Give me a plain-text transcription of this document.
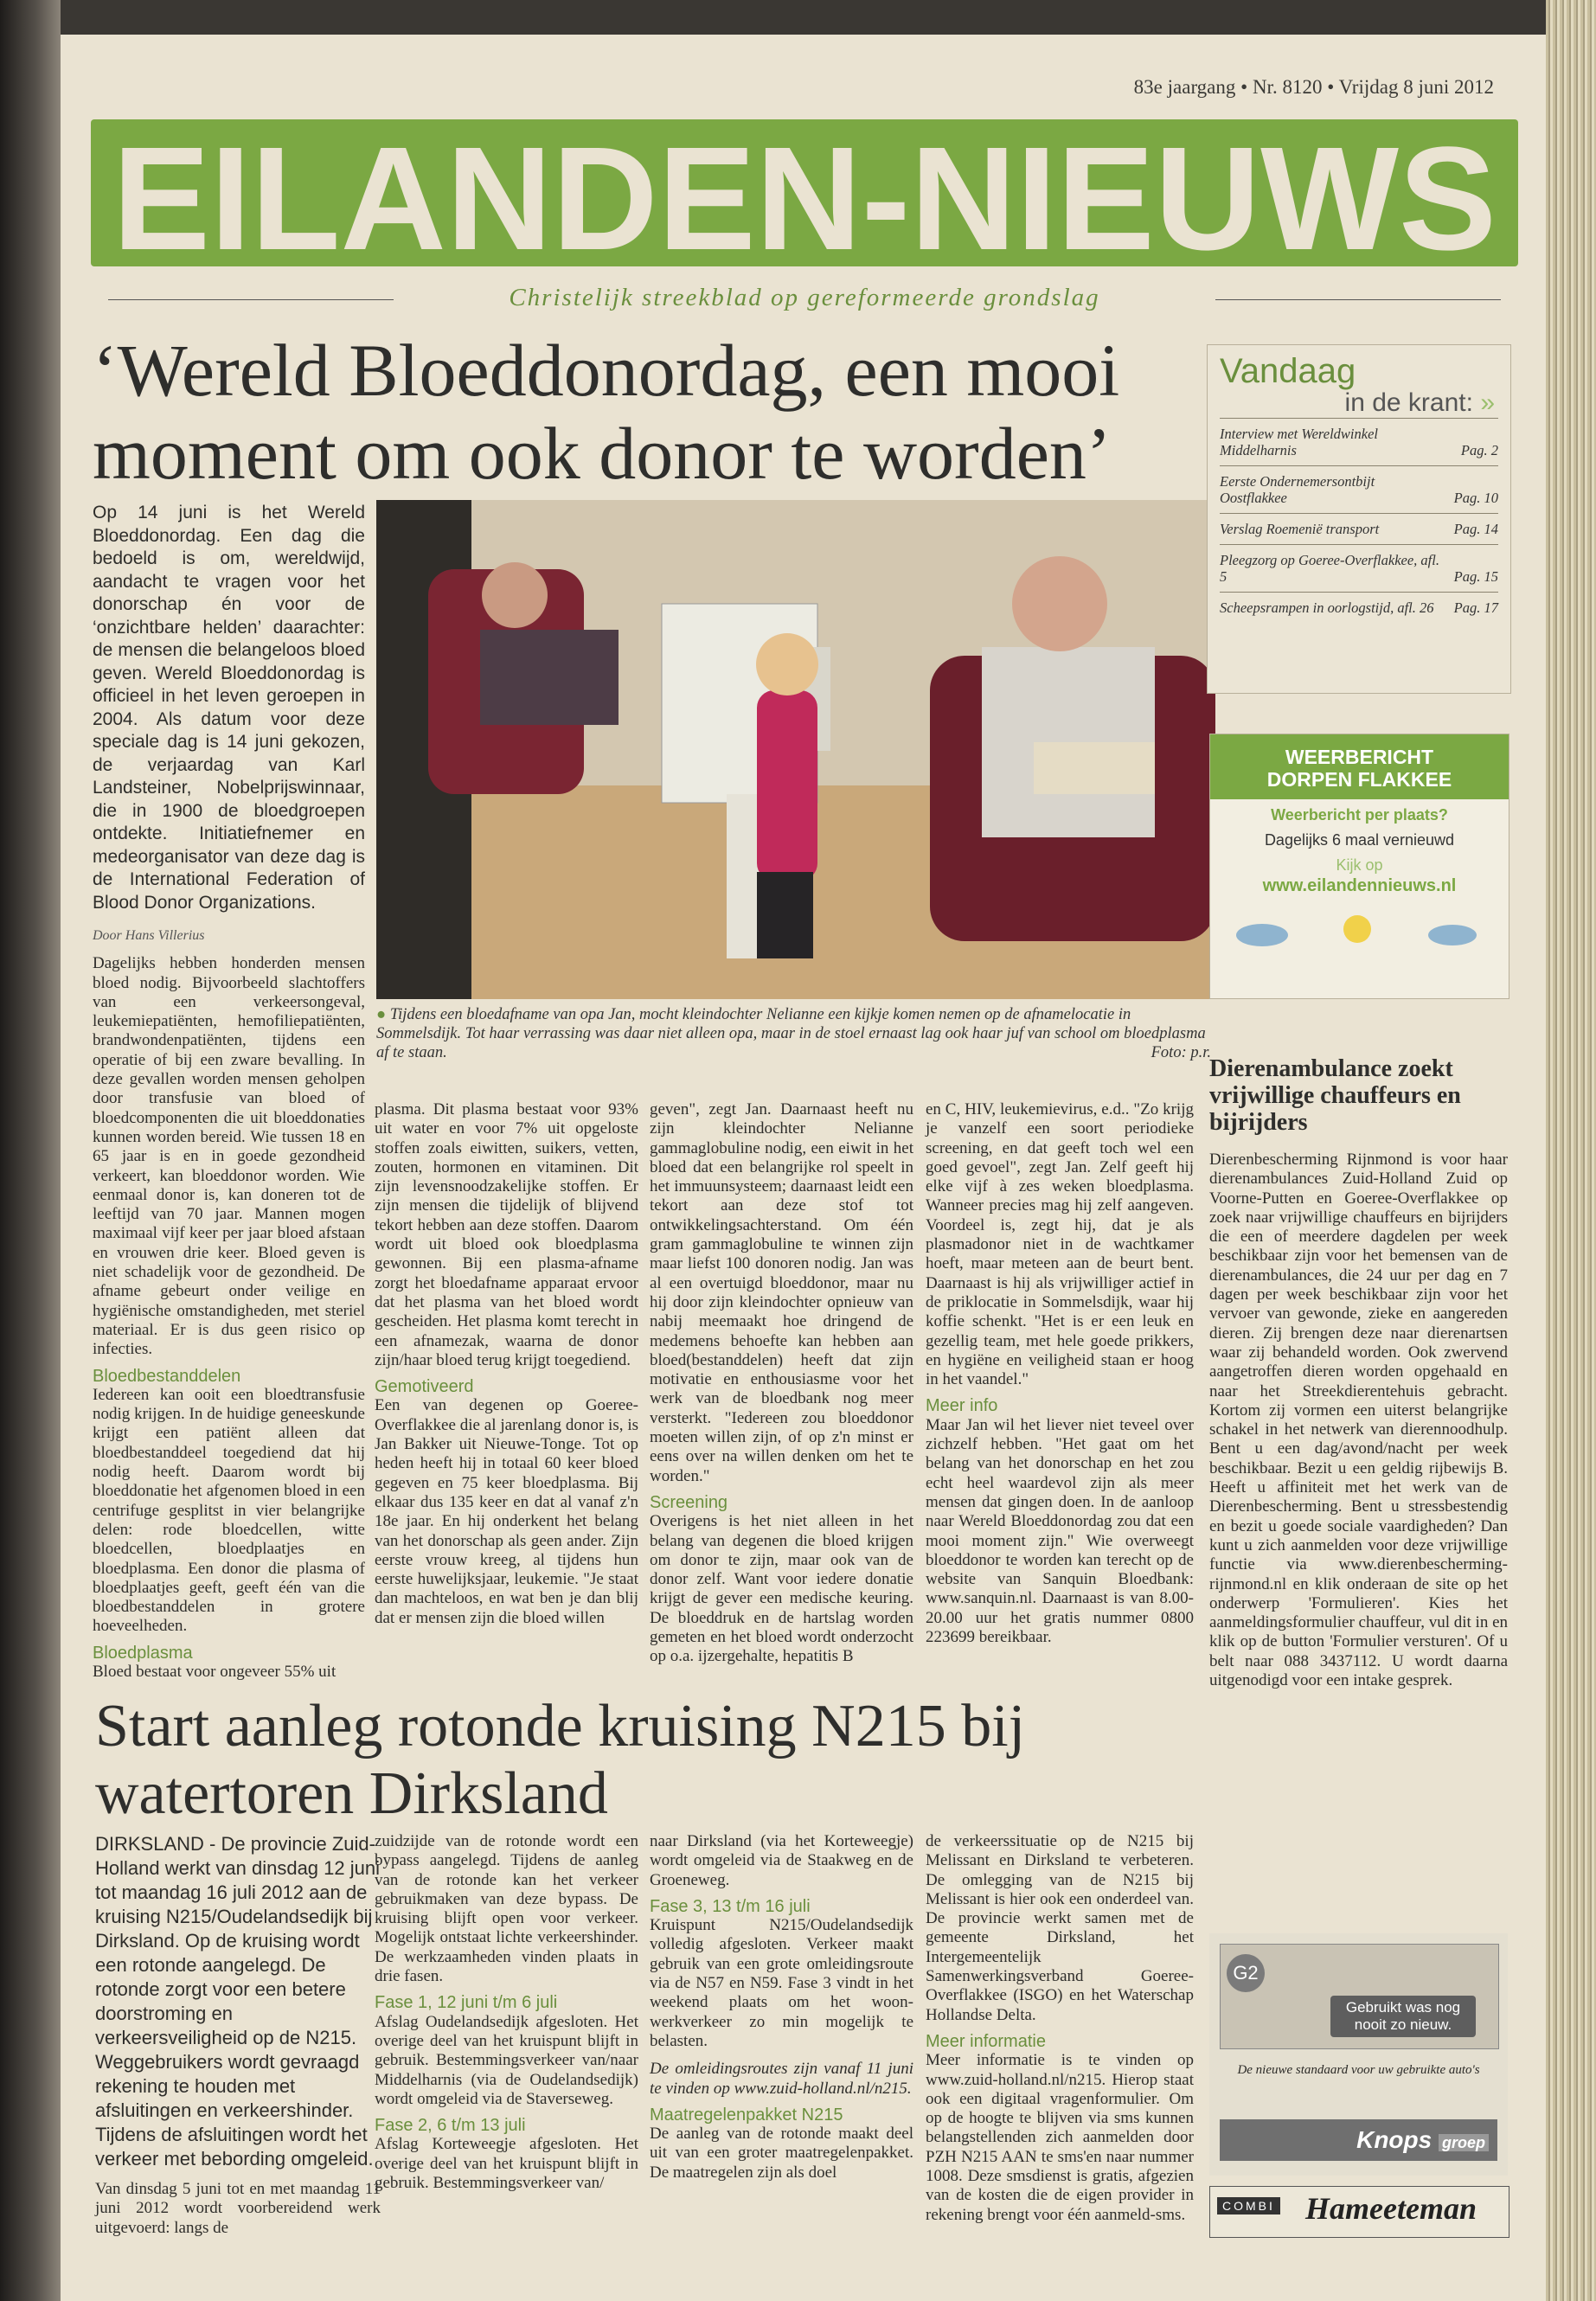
83e jaargang • Nr. 8120 • Vrijdag 8 juni 2012
EILANDEN-NIEUWS
Christelijk streekblad op gereformeerde grondslag
‘Wereld Bloeddonordag, een mooi moment om ook donor te worden’

Op 14 juni is het Wereld Bloeddonordag. Een dag die bedoeld is om, wereldwijd, aandacht te vragen voor het donorschap én voor de ‘onzichtbare helden’ daarachter: de mensen die belangeloos bloed geven. Wereld Bloeddonordag is officieel in het leven geroepen in 2004. Als datum voor deze speciale dag is 14 juni gekozen, de verjaardag van Karl Landsteiner, Nobelprijswinnaar, die in 1900 de bloedgroepen ontdekte. Initiatiefnemer en medeorganisator van deze dag is de International Federation of Blood Donor Organizations.

Door Hans Villerius

Dagelijks hebben honderden mensen bloed nodig. Bijvoorbeeld slachtoffers van een verkeersongeval, leukemiepatiënten, hemofiliepatiënten, brandwondenpatiënten, tijdens een operatie of bij een zware bevalling. In deze gevallen worden mensen geholpen door transfusie van bloed of bloedcomponenten die uit bloeddonaties kunnen worden bereid. Wie tussen 18 en 65 jaar is en in goede gezondheid verkeert, kan bloeddonor worden. Wie eenmaal donor is, kan doneren tot de leeftijd van 70 jaar. Mannen mogen maximaal vijf keer per jaar bloed afstaan en vrouwen drie keer. Bloed geven is niet schadelijk voor de gezondheid. De afname gebeurt onder veilige en hygiënische omstandigheden, met steriel materiaal. Er is dus geen risico op infecties.

Bloedbestanddelen

Iedereen kan ooit een bloedtransfusie nodig krijgen. In de huidige geneeskunde krijgt een patiënt alleen dat bloedbestanddeel toegediend dat hij nodig heeft. Daarom wordt bij bloeddonatie het afgenomen bloed in een centrifuge gesplitst in vier belangrijke delen: rode bloedcellen, witte bloedcellen, bloedplaatjes en bloedplasma. Een donor die plasma of bloedplaatjes geeft, geeft één van die bloedbestanddelen in grotere hoeveelheden.

Bloedplasma

Bloed bestaat voor ongeveer 55% uit

● Tijdens een bloedafname van opa Jan, mocht kleindochter Nelianne een kijkje komen nemen op de afnamelocatie in Sommelsdijk. Tot haar verrassing was daar niet alleen opa, maar in de stoel ernaast lag ook haar juf van school om bloedplasma af te staan.	Foto: p.r.

plasma. Dit plasma bestaat voor 93% uit water en voor 7% uit opgeloste stoffen zoals eiwitten, suikers, vetten, zouten, hormonen en vitaminen. Dit zijn levensnoodzakelijke stoffen. Er zijn mensen die tijdelijk of blijvend tekort hebben aan deze stoffen. Daarom wordt uit bloed ook bloedplasma gewonnen. Bij een plasma-afname zorgt het bloedafname apparaat ervoor dat het plasma van het bloed wordt gescheiden. Het plasma komt terecht in een afnamezak, waarna de donor zijn/haar bloed terug krijgt toegediend.

Gemotiveerd

Een van degenen op Goeree-Overflakkee die al jarenlang donor is, is Jan Bakker uit Nieuwe-Tonge. Tot op heden heeft hij in totaal 60 keer bloed gegeven en 75 keer bloedplasma. Bij elkaar dus 135 keer en dat al vanaf z'n 18e jaar. En hij onderkent het belang van het donorschap als geen ander. Zijn eerste vrouw kreeg, al tijdens hun eerste huwelijksjaar, leukemie. "Je staat dan machteloos, en wat ben je dan blij dat er mensen zijn die bloed willen

geven", zegt Jan. Daarnaast heeft nu zijn kleindochter Nelianne gammaglobuline nodig, een eiwit in het bloed dat een belangrijke rol speelt in het immuunsysteem; daarnaast leidt een tekort aan deze stof tot ontwikkelingsachterstand. Om één gram gammaglobuline te winnen zijn maar liefst 100 donoren nodig. Jan was al een overtuigd bloeddonor, maar nu hij door zijn kleindochter opnieuw van nabij meemaakt hoe dringend de medemens behoefte kan hebben aan bloed(bestanddelen) heeft dat zijn motivatie en enthousiasme voor het werk van de bloedbank nog meer versterkt. "Iedereen zou bloeddonor moeten willen zijn, of op z'n minst er eens over na willen denken om het te worden."

Screening

Overigens is het niet alleen in het belang van degenen die bloed krijgen om donor te zijn, maar ook van de donor zelf. Want voor iedere donatie krijgt de gever een medische keuring. De bloeddruk en de hartslag worden gemeten en het bloed wordt onderzocht op o.a. ijzergehalte, hepatitis B

en C, HIV, leukemievirus, e.d.. "Zo krijg je vanzelf een soort periodieke screening, en dat geeft toch wel een goed gevoel", zegt Jan. Zelf geeft hij elke vijf à zes weken bloedplasma. Wanneer precies mag hij zelf aangeven. Voordeel is, zegt hij, dat je als plasmadonor niet in de wachtkamer hoeft, maar meteen aan de beurt bent. Daarnaast is hij als vrijwilliger actief in de priklocatie in Sommelsdijk, waar hij koffie schenkt. "Het is er een leuk en gezellig team, met hele goede prikkers, en hygiëne en veiligheid staan er hoog in het vaandel."

Meer info

Maar Jan wil het liever niet teveel over zichzelf hebben. "Het gaat om het belang van het donorschap en het zou echt heel waardevol zijn als meer mensen dat gingen doen. In de aanloop naar Wereld Bloeddonordag zou dat een mooi moment zijn." Wie overweegt bloeddonor te worden kan terecht op de website van Sanquin Bloedbank: www.sanquin.nl. Daarnaast is van 8.00-20.00 uur het gratis nummer 0800 223699 bereikbaar.

Vandaag
in de krant: »
Interview met Wereldwinkel Middelharnis	Pag. 2
Eerste Ondernemersontbijt Oostflakkee	Pag. 10
Verslag Roemenië transport	Pag. 14
Pleegzorg op Goeree-Overflakkee, afl. 5	Pag. 15
Scheepsrampen in oorlogstijd, afl. 26	Pag. 17
WEERBERICHT
DORPEN FLAKKEE
Weerbericht per plaats?
Dagelijks 6 maal vernieuwd
Kijk op
www.eilandennieuws.nl
Dierenambulance zoekt vrijwillige chauffeurs en bijrijders
Dierenbescherming Rijnmond is voor haar dierenambulances Zuid-Holland Zuid op Voorne-Putten en Goeree-Overflakkee op zoek naar vrijwillige chauffeurs en bijrijders die een of meerdere dagdelen per week beschikbaar zijn voor het bemensen van de dierenambulances, die 24 uur per dag en 7 dagen per week beschikbaar zijn voor het vervoer van gewonde, zieke en aangereden dieren. Zij brengen deze naar dierenartsen waar zij behandeld worden. Ook zwervend aangetroffen dieren worden opgehaald en naar het Streekdierentehuis gebracht. Kortom zij vormen een uiterst belangrijke schakel in het netwerk van dierennoodhulp. Bent u een dag/avond/nacht per week beschikbaar. Bezit u een geldig rijbewijs B. Heeft u affiniteit met het werk van de Dierenbescherming. Bent u stressbestendig en bezit u goede sociale vaardigheden? Dan kunt u zich aanmelden voor deze vrijwillige functie via www.dierenbescherming-rijnmond.nl en klik onderaan de site op het onderwerp 'Formulieren'. Kies het aanmeldingsformulier chauffeur, vul dit in en klik op de button 'Formulier versturen'. Of u belt naar 088 3437112. U wordt daarna uitgenodigd voor een intake gesprek.
Start aanleg rotonde kruising N215 bij watertoren Dirksland

DIRKSLAND - De provincie Zuid-Holland werkt van dinsdag 12 juni tot maandag 16 juli 2012 aan de kruising N215/Oudelandsedijk bij Dirksland. Op de kruising wordt een rotonde aangelegd. De rotonde zorgt voor een betere doorstroming en verkeersveiligheid op de N215. Weggebruikers wordt gevraagd rekening te houden met afsluitingen en verkeershinder. Tijdens de afsluitingen wordt het verkeer met bebording omgeleid.

Van dinsdag 5 juni tot en met maandag 11 juni 2012 wordt voorbereidend werk uitgevoerd: langs de

zuidzijde van de rotonde wordt een bypass aangelegd. Tijdens de aanleg van de rotonde kan het verkeer gebruikmaken van deze bypass. De kruising blijft open voor verkeer. Mogelijk ontstaat lichte verkeershinder. De werkzaamheden vinden plaats in drie fasen.

Fase 1, 12 juni t/m 6 juli

Afslag Oudelandsedijk afgesloten. Het overige deel van het kruispunt blijft in gebruik. Bestemmingsverkeer van/naar Middelharnis (via de Oudelandsedijk) wordt omgeleid via de Staverseweg.

Fase 2, 6 t/m 13 juli

Afslag Korteweegje afgesloten. Het overige deel van het kruispunt blijft in gebruik. Bestemmingsverkeer van/

naar Dirksland (via het Korteweegje) wordt omgeleid via de Staakweg en de Groeneweg.

Fase 3, 13 t/m 16 juli

Kruispunt N215/Oudelandsedijk volledig afgesloten. Verkeer maakt gebruik van een grote omleidingsroute via de N57 en N59. Fase 3 vindt in het weekend plaats om het woon-werkverkeer zo min mogelijk te belasten.

De omleidingsroutes zijn vanaf 11 juni te vinden op www.zuid-holland.nl/n215.

Maatregelenpakket N215

De aanleg van de rotonde maakt deel uit van een groter maatregelenpakket. De maatregelen zijn als doel

de verkeerssituatie op de N215 bij Melissant en Dirksland te verbeteren. De omlegging van de N215 bij Melissant is hier ook een onderdeel van. De provincie werkt samen met de gemeente Dirksland, het Intergemeentelijk Samenwerkingsverband Goeree-Overflakkee (ISGO) en het Waterschap Hollandse Delta.

Meer informatie

Meer informatie is te vinden op www.zuid-holland.nl/n215. Hierop staat ook een digitaal vragenformulier. Om op de hoogte te blijven via sms kunnen belangstellenden zich aanmelden door PZH N215 AAN te sms'en naar nummer 1008. Deze smsdienst is gratis, afgezien van de kosten die de eigen provider in rekening brengt voor één aanmeld-sms.

G2
Gebruikt was nog
nooit zo nieuw.
De nieuwe standaard voor uw gebruikte auto's
Knops groep
COMBI Hameeteman
